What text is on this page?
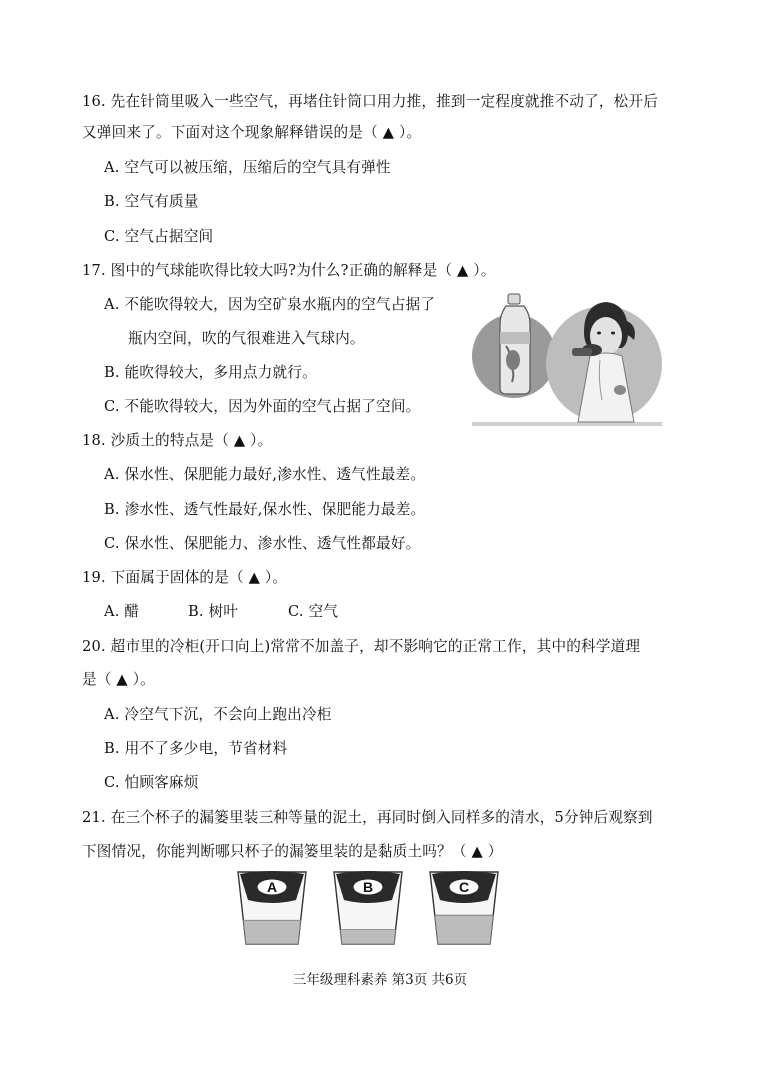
16. 先在针筒里吸入一些空气，再堵住针筒口用力推，推到一定程度就推不动了，松开后
又弹回来了。下面对这个现象解释错误的是（ ▲ ）。
A. 空气可以被压缩，压缩后的空气具有弹性
B. 空气有质量
C. 空气占据空间
17. 图中的气球能吹得比较大吗?为什么?正确的解释是（ ▲ ）。
A. 不能吹得较大，因为空矿泉水瓶内的空气占据了
瓶内空间，吹的气很难进入气球内。
B. 能吹得较大，多用点力就行。
C. 不能吹得较大，因为外面的空气占据了空间。
18. 沙质土的特点是（ ▲ ）。
A. 保水性、保肥能力最好,渗水性、透气性最差。
B. 渗水性、透气性最好,保水性、保肥能力最差。
C. 保水性、保肥能力、渗水性、透气性都最好。
19. 下面属于固体的是（ ▲ ）。
A. 醋	B. 树叶	C. 空气
20. 超市里的冷柜(开口向上)常常不加盖子，却不影响它的正常工作，其中的科学道理
是（ ▲ ）。
A. 冷空气下沉，不会向上跑出冷柜
B. 用不了多少电，节省材料
C. 怕顾客麻烦
21. 在三个杯子的漏篓里装三种等量的泥土，再同时倒入同样多的清水，5分钟后观察到
下图情况，你能判断哪只杯子的漏篓里装的是黏质土吗？（ ▲ ）
A	B	C
三年级理科素养 第3页 共6页
